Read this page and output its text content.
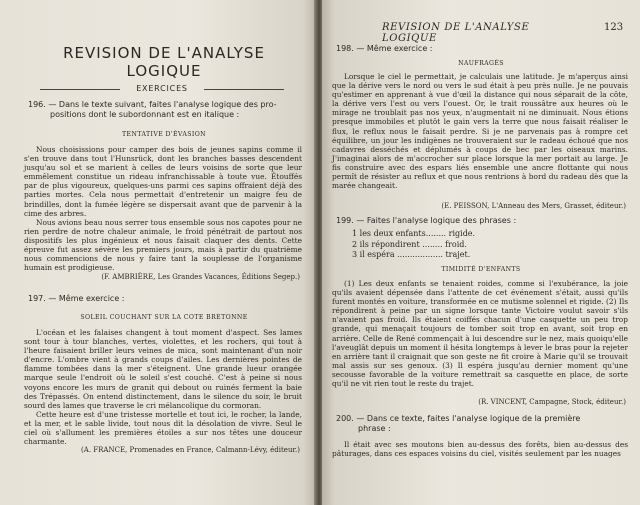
REVISION DE L'ANALYSE LOGIQUE
EXERCICES
196. — Dans le texte suivant, faites l'analyse logique des pro-
positions dont le subordonnant est en italique :
TENTATIVE D'ÉVASION
Nous choisissions pour camper des bois de jeunes sapins comme il s'en trouve dans tout l'Hunsrück, dont les branches basses descendent jusqu'au sol et se marient à celles de leurs voisins de sorte que leur emmêlement constitue un rideau infranchissable à toute vue. Étouffés par de plus vigoureux, quelques-uns parmi ces sapins offraient déjà des parties mortes. Cela nous permettait d'entretenir un maigre feu de brindilles, dont la fumée légère se dispersait avant que de parvenir à la cime des arbres.
Nous avions beau nous serrer tous ensemble sous nos capotes pour ne rien perdre de notre chaleur animale, le froid pénétrait de partout nos dispositifs les plus ingénieux et nous faisait claquer des dents. Cette épreuve fut assez sévère les premiers jours, mais à partir du quatrième nous commencions de nous y faire tant la souplesse de l'organisme humain est prodigieuse.
(F. AMBRIÈRE, Les Grandes Vacances, Éditions Segep.)
197. — Même exercice :
SOLEIL COUCHANT SUR LA COTE BRETONNE
L'océan et les falaises changent à tout moment d'aspect. Ses lames sont tour à tour blanches, vertes, violettes, et les rochers, qui tout à l'heure faisaient briller leurs veines de mica, sont maintenant d'un noir d'encre. L'ombre vient à grands coups d'ailes. Les dernières pointes de flamme tombées dans la mer s'éteignent. Une grande lueur orangée marque seule l'endroit où le soleil s'est couché. C'est à peine si nous voyons encore les murs de granit qui debout ou ruinés ferment la baie des Trépassés. On entend distinctement, dans le silence du soir, le bruit sourd des lames que traverse le cri mélancolique du cormoran.
Cette heure est d'une tristesse mortelle et tout ici, le rocher, la lande, et la mer, et le sable livide, tout nous dit la désolation de vivre. Seul le ciel où s'allument les premières étoiles a sur nos têtes une douceur charmante.
(A. FRANCE, Promenades en France, Calmann-Lévy, éditeur.)
REVISION DE L'ANALYSE LOGIQUE
123
198. — Même exercice :
NAUFRAGÉS
Lorsque le ciel le permettait, je calculais une latitude. Je m'aperçus ainsi que la dérive vers le nord ou vers le sud était à peu près nulle. Je ne pouvais qu'estimer en apprenant à vue d'œil la distance qui nous séparait de la côte, la dérive vers l'est ou vers l'ouest. Or, le trait roussâtre aux heures où le mirage ne troublait pas nos yeux, n'augmentait ni ne diminuait. Nous étions presque immobiles et plutôt le gain vers la terre que nous faisait réaliser le flux, le reflux nous le faisait perdre. Si je ne parvenais pas à rompre cet équilibre, un jour les indigènes ne trouveraient sur le radeau échoué que nos cadavres desséchés et déplumés à coups de bec par les oiseaux marins. J'imaginai alors de m'accrocher sur place lorsque la mer portait au large. Je fis construire avec des espars liés ensemble une ancre flottante qui nous permît de résister au reflux et que nous rentrions à bord du radeau dès que la marée changeait.
(E. PEISSON, L'Anneau des Mers, Grasset, éditeur.)
199. — Faites l'analyse logique des phrases :
1 les deux enfants........ rigide.
2 ils répondirent ........ froid.
3 il espéra .................. trajet.
TIMIDITÉ D'ENFANTS
(1) Les deux enfants se tenaient roides, comme si l'exubérance, la joie qu'ils avaient dépensée dans l'attente de cet événement s'était, aussi qu'ils furent montés en voiture, transformée en ce mutisme solennel et rigide. (2) Ils répondirent à peine par un signe lorsque tante Victoire voulut savoir s'ils n'avaient pas froid. Ils étaient coiffés chacun d'une casquette un peu trop grande, qui menaçait toujours de tomber soit trop en avant, soit trop en arrière. Celle de René commençait à lui descendre sur le nez, mais quoiqu'elle l'aveuglât depuis un moment il hésita longtemps à lever le bras pour la rejeter en arrière tant il craignait que son geste ne fit croire à Marie qu'il se trouvait mal assis sur ses genoux. (3) Il espéra jusqu'au dernier moment qu'une secousse favorable de la voiture remettrait sa casquette en place, de sorte qu'il ne vit rien tout le reste du trajet.
(R. VINCENT, Campagne, Stock, éditeur.)
200. — Dans ce texte, faites l'analyse logique de la première
phrase :
Il était avec ses moutons bien au-dessus des forêts, bien au-dessus des pâturages, dans ces espaces voisins du ciel, visités seulement par les nuages
